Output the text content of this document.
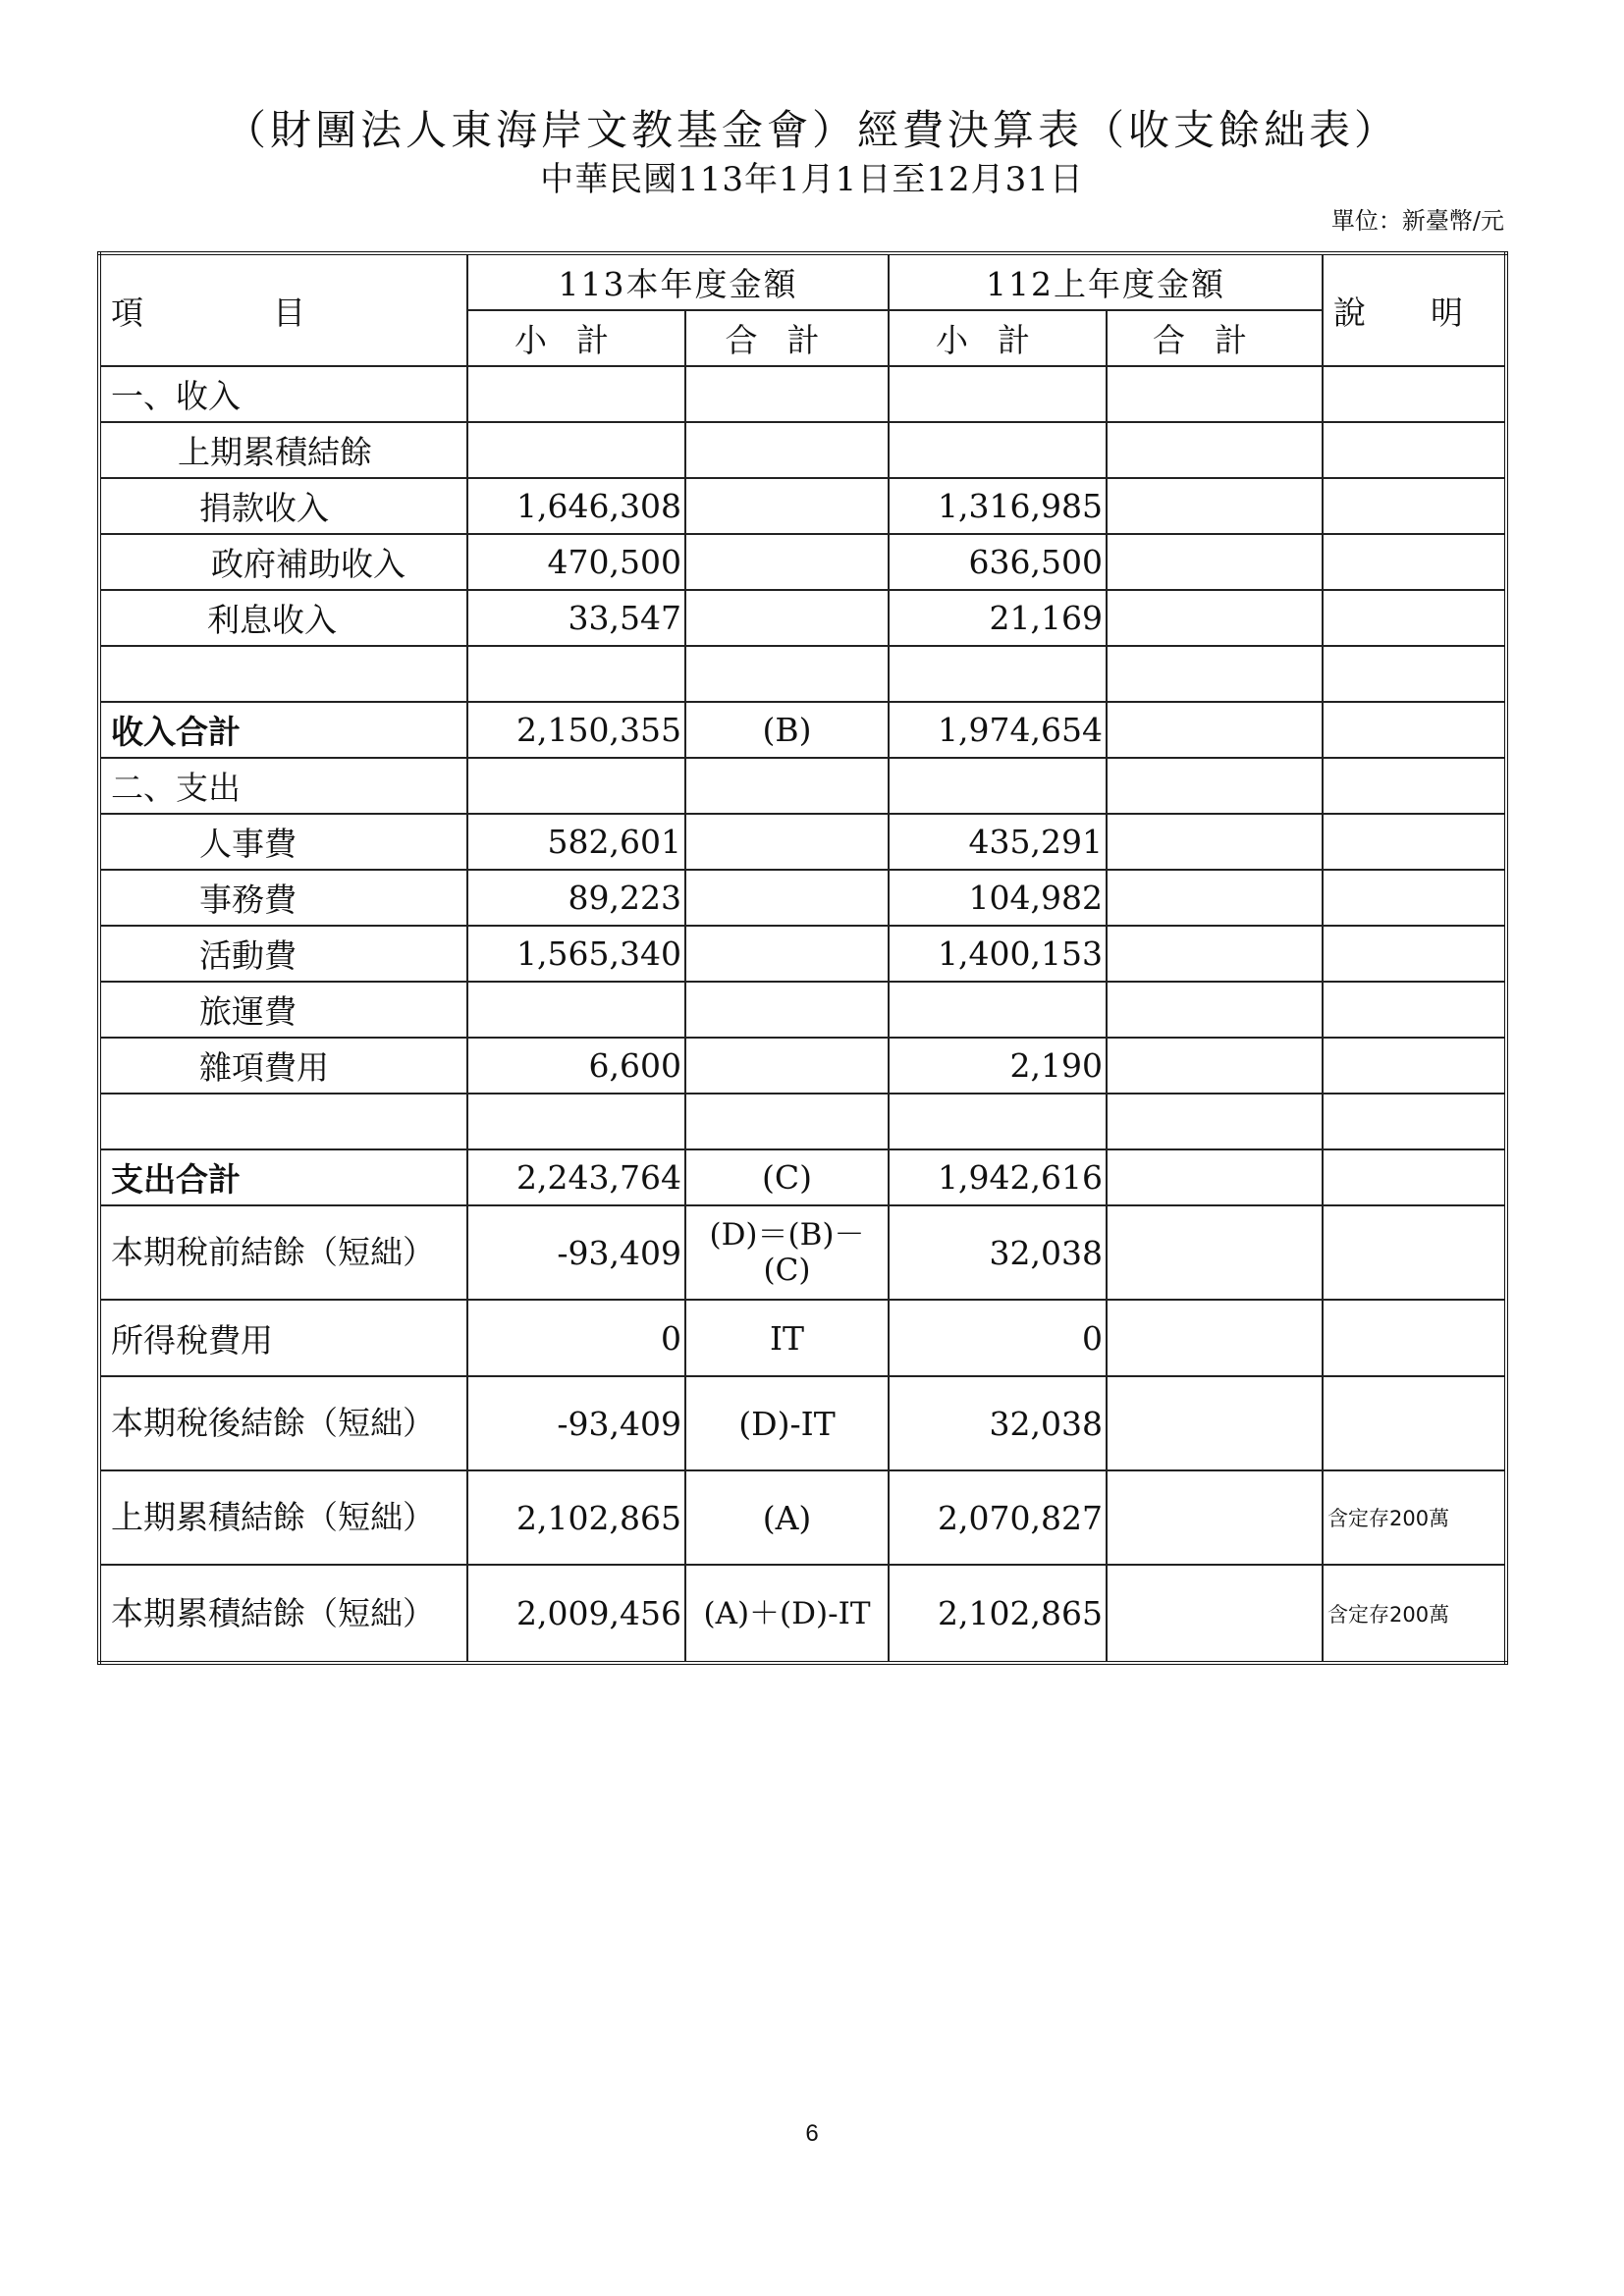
（財團法人東海岸文教基金會）經費決算表（收支餘絀表）
中華民國113年1月1日至12月31日
單位：新臺幣/元
項　　　　目	113本年度金額		112上年度金額		說　　明
	小計	合計	小計	合計	
一、收入					
上期累積結餘					
捐款收入	1,646,308		1,316,985		
政府補助收入	470,500		636,500		
利息收入	33,547		21,169		

收入合計	2,150,355	(B)	1,974,654		
二、支出					
人事費	582,601		435,291		
事務費	89,223		104,982		
活動費	1,565,340		1,400,153		
旅運費					
雜項費用	6,600		2,190		

支出合計	2,243,764	(C)	1,942,616		
本期稅前結餘（短絀）	-93,409	(D)＝(B)－(C)	32,038		
所得稅費用	0	IT	0		
本期稅後結餘（短絀）	-93,409	(D)-IT	32,038		
上期累積結餘（短絀）	2,102,865	(A)	2,070,827		含定存200萬
本期累積結餘（短絀）	2,009,456	(A)＋(D)-IT	2,102,865		含定存200萬
6
